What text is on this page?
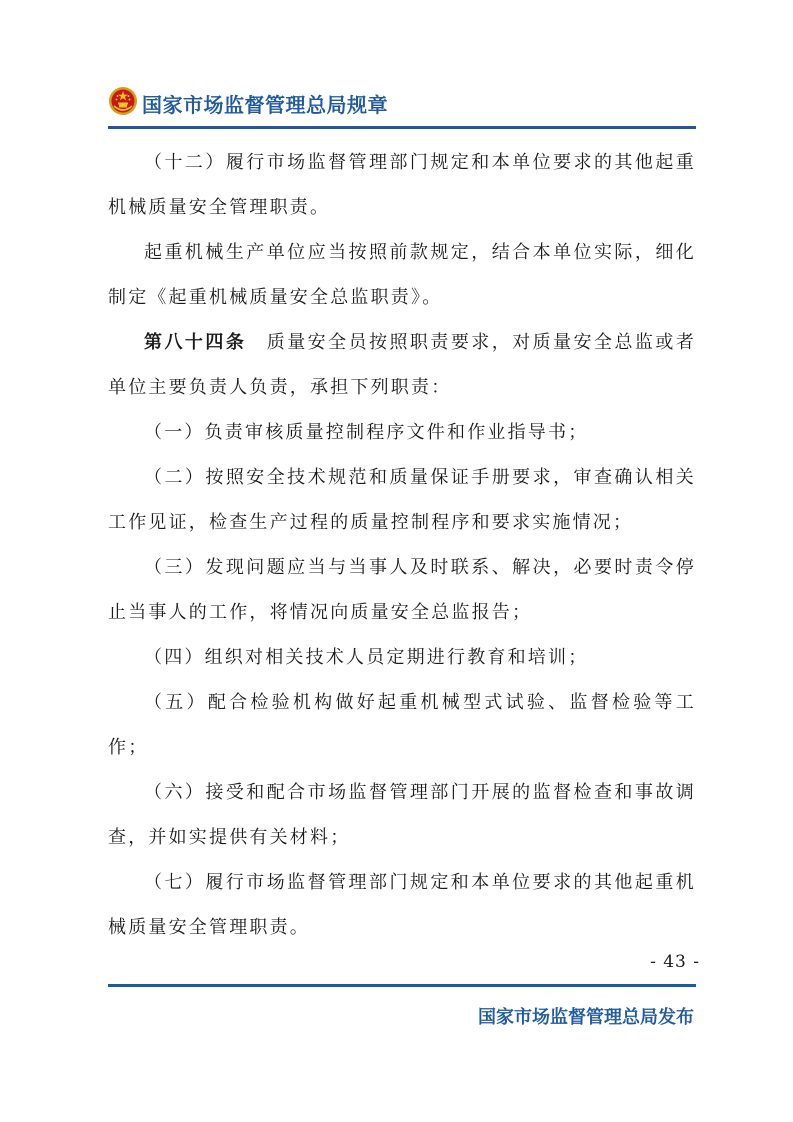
国家市场监督管理总局规章

（十二）履行市场监督管理部门规定和本单位要求的其他起重机械质量安全管理职责。

起重机械生产单位应当按照前款规定，结合本单位实际，细化制定《起重机械质量安全总监职责》。

第八十四条　 质量安全员按照职责要求，对质量安全总监或者单位主要负责人负责，承担下列职责：

（一）负责审核质量控制程序文件和作业指导书；

（二）按照安全技术规范和质量保证手册要求，审查确认相关工作见证，检查生产过程的质量控制程序和要求实施情况；

（三）发现问题应当与当事人及时联系、解决，必要时责令停止当事人的工作，将情况向质量安全总监报告；

（四）组织对相关技术人员定期进行教育和培训；

（五）配合检验机构做好起重机械型式试验、监督检验等工作；

（六）接受和配合市场监督管理部门开展的监督检查和事故调查，并如实提供有关材料；

（七）履行市场监督管理部门规定和本单位要求的其他起重机械质量安全管理职责。

- 43 -
国家市场监督管理总局发布
